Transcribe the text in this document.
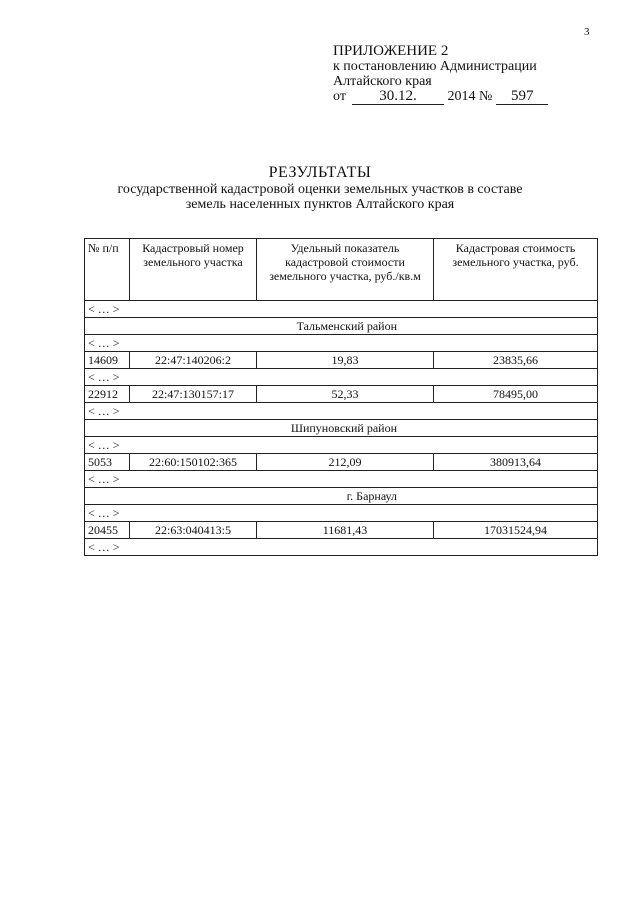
3
ПРИЛОЖЕНИЕ 2
к постановлению Администрации
Алтайского края
от 30.12. 2014 № 597
РЕЗУЛЬТАТЫ
государственной кадастровой оценки земельных участков в составе
земель населенных пунктов Алтайского края
№ п/п	Кадастровый номер земельного участка	Удельный показатель кадастровой стоимости земельного участка, руб./кв.м	Кадастровая стоимость земельного участка, руб.
< … >			
Тальменский район			
< … >			
14609	22:47:140206:2	19,83	23835,66
< … >			
22912	22:47:130157:17	52,33	78495,00
< … >			
Шипуновский район			
< … >			
5053	22:60:150102:365	212,09	380913,64
< … >			
г. Барнаул			
< … >			
20455	22:63:040413:5	11681,43	17031524,94
< … >			
